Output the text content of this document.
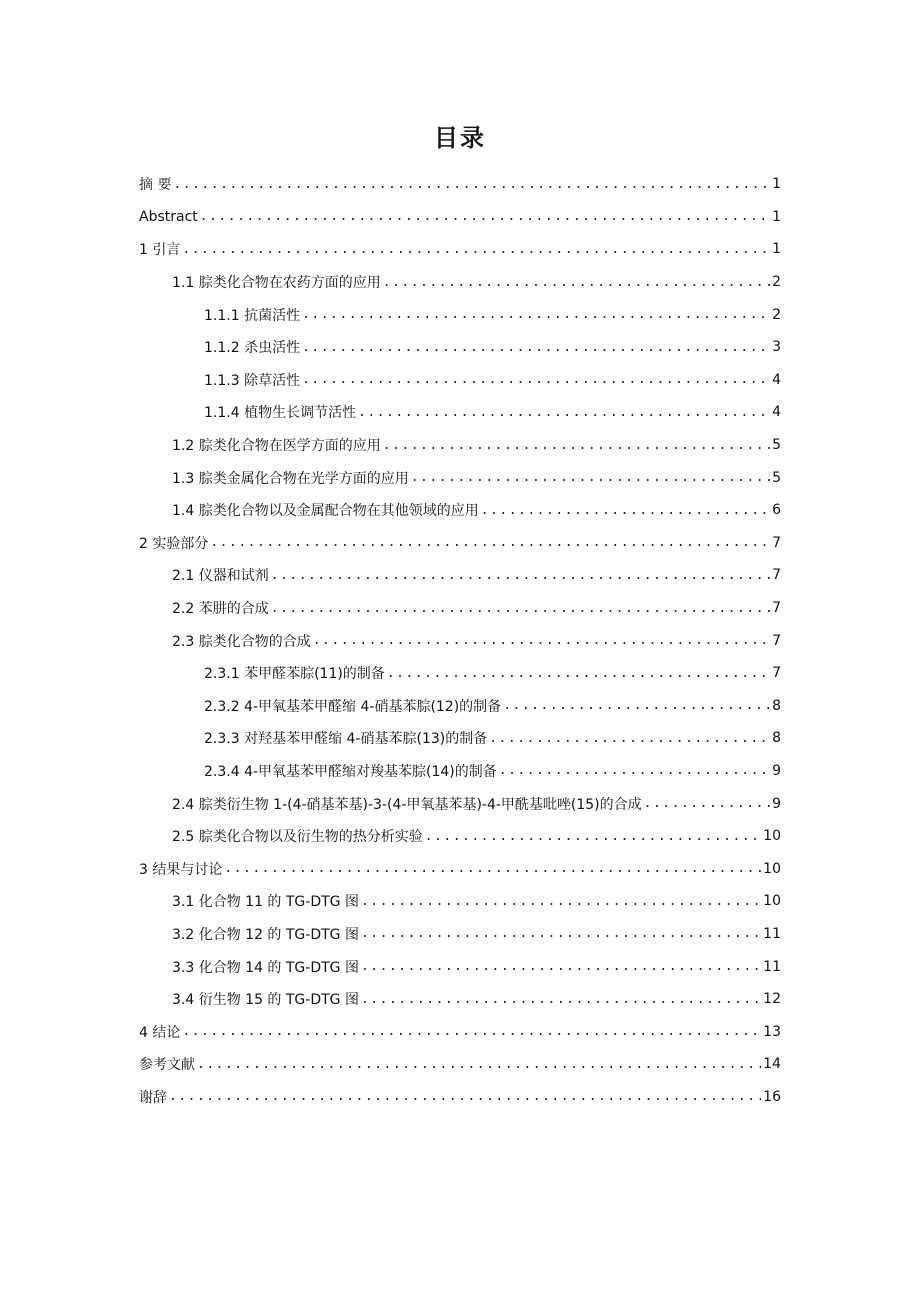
目录
摘 要 .....	1
Abstract .....	1
1 引言 .....	1
1.1 腙类化合物在农药方面的应用 .....	2
1.1.1 抗菌活性 .....	2
1.1.2 杀虫活性 .....	3
1.1.3 除草活性 .....	4
1.1.4 植物生长调节活性 .....	4
1.2 腙类化合物在医学方面的应用 .....	5
1.3 腙类金属化合物在光学方面的应用 .....	5
1.4 腙类化合物以及金属配合物在其他领域的应用 .....	6
2 实验部分 .....	7
2.1 仪器和试剂 .....	7
2.2 苯肼的合成 .....	7
2.3 腙类化合物的合成 .....	7
2.3.1 苯甲醛苯腙(11)的制备 .....	7
2.3.2 4-甲氧基苯甲醛缩 4-硝基苯腙(12)的制备 .....	8
2.3.3 对羟基苯甲醛缩 4-硝基苯腙(13)的制备 .....	8
2.3.4 4-甲氧基苯甲醛缩对羧基苯腙(14)的制备 .....	9
2.4 腙类衍生物 1-(4-硝基苯基)-3-(4-甲氧基苯基)-4-甲酰基吡唑(15)的合成 .....	9
2.5 腙类化合物以及衍生物的热分析实验 .....	10
3 结果与讨论 .....	10
3.1 化合物 11 的 TG-DTG 图 .....	10
3.2 化合物 12 的 TG-DTG 图 .....	11
3.3 化合物 14 的 TG-DTG 图 .....	11
3.4 衍生物 15 的 TG-DTG 图 .....	12
4 结论 .....	13
参考文献 .....	14
谢辞 .....	16
